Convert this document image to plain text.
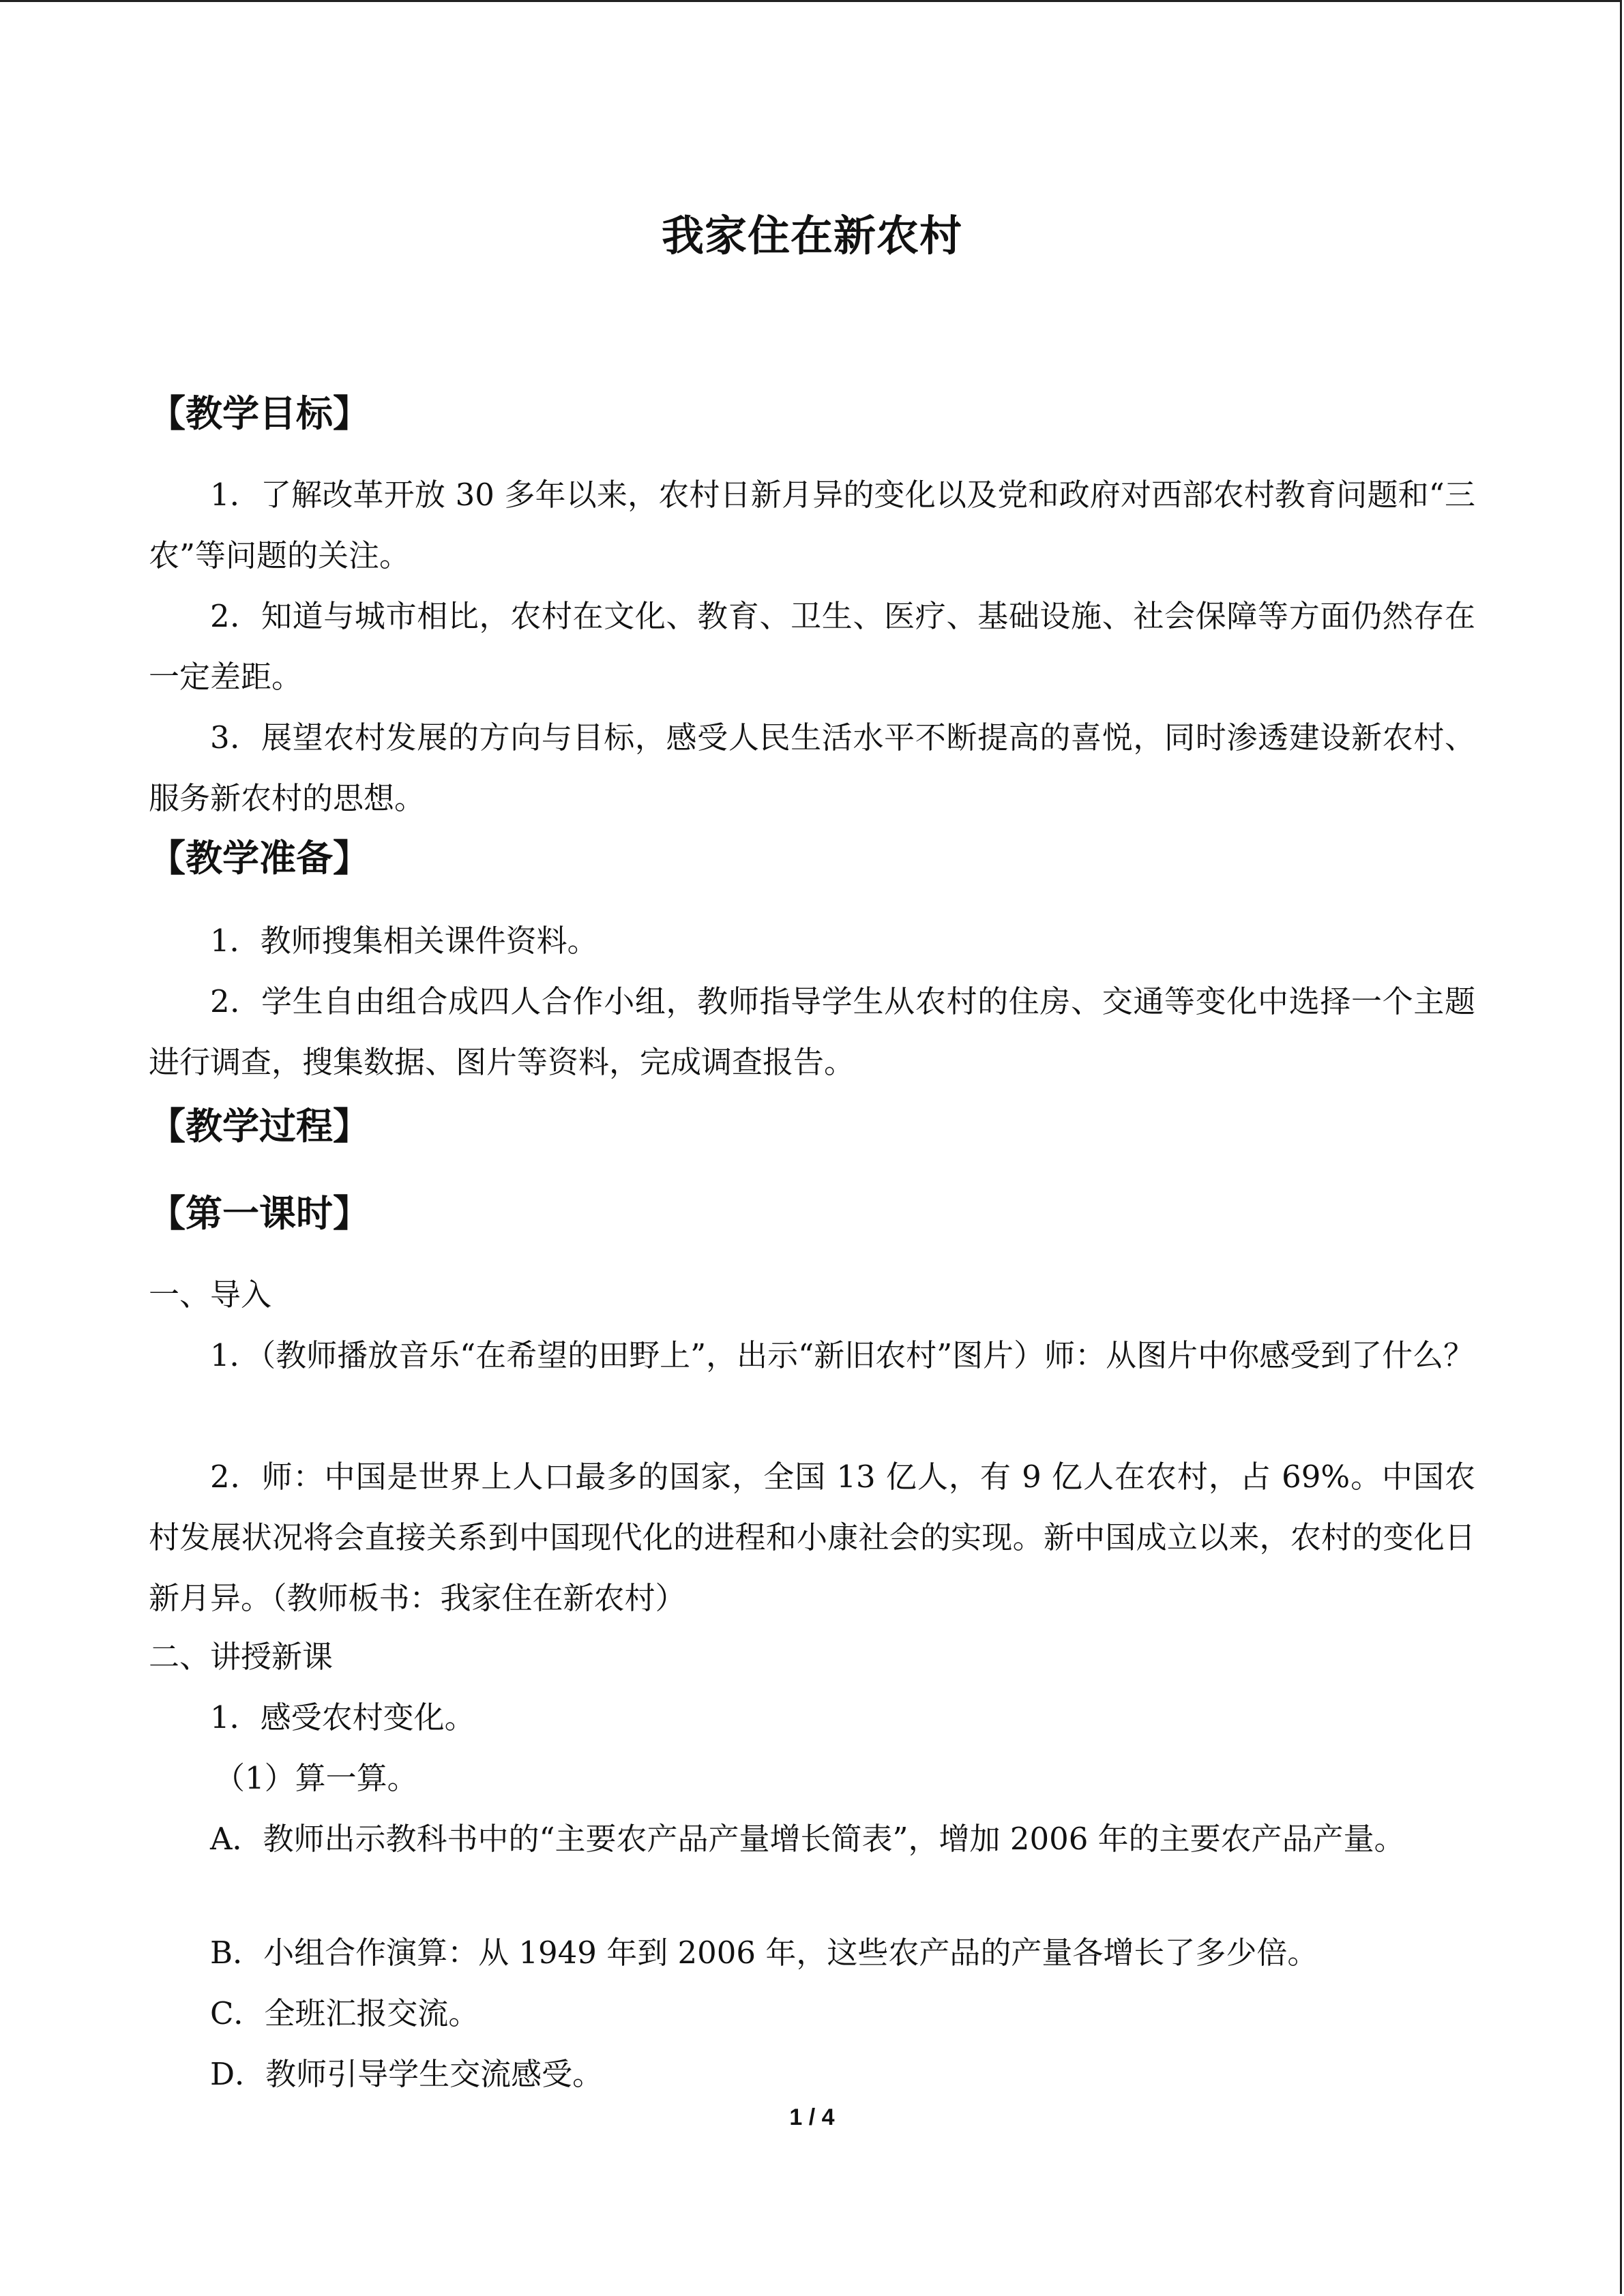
我家住在新农村
【教学目标】

1．了解改革开放 30 多年以来，农村日新月异的变化以及党和政府对西部农村教育问题和“三农”等问题的关注。

2．知道与城市相比，农村在文化、教育、卫生、医疗、基础设施、社会保障等方面仍然存在一定差距。

3．展望农村发展的方向与目标，感受人民生活水平不断提高的喜悦，同时渗透建设新农村、服务新农村的思想。

【教学准备】

1．教师搜集相关课件资料。

2．学生自由组合成四人合作小组，教师指导学生从农村的住房、交通等变化中选择一个主题进行调查，搜集数据、图片等资料，完成调查报告。

【教学过程】
【第一课时】

一、导入

1．（教师播放音乐“在希望的田野上”，出示“新旧农村”图片）师：从图片中你感受到了什么？

2．师：中国是世界上人口最多的国家，全国 13 亿人，有 9 亿人在农村，占 69%。中国农村发展状况将会直接关系到中国现代化的进程和小康社会的实现。新中国成立以来，农村的变化日新月异。（教师板书：我家住在新农村）

二、讲授新课

1．感受农村变化。

（1）算一算。

A．教师出示教科书中的“主要农产品产量增长简表”，增加 2006 年的主要农产品产量。

B．小组合作演算：从 1949 年到 2006 年，这些农产品的产量各增长了多少倍。

C．全班汇报交流。

D．教师引导学生交流感受。

1 / 4
